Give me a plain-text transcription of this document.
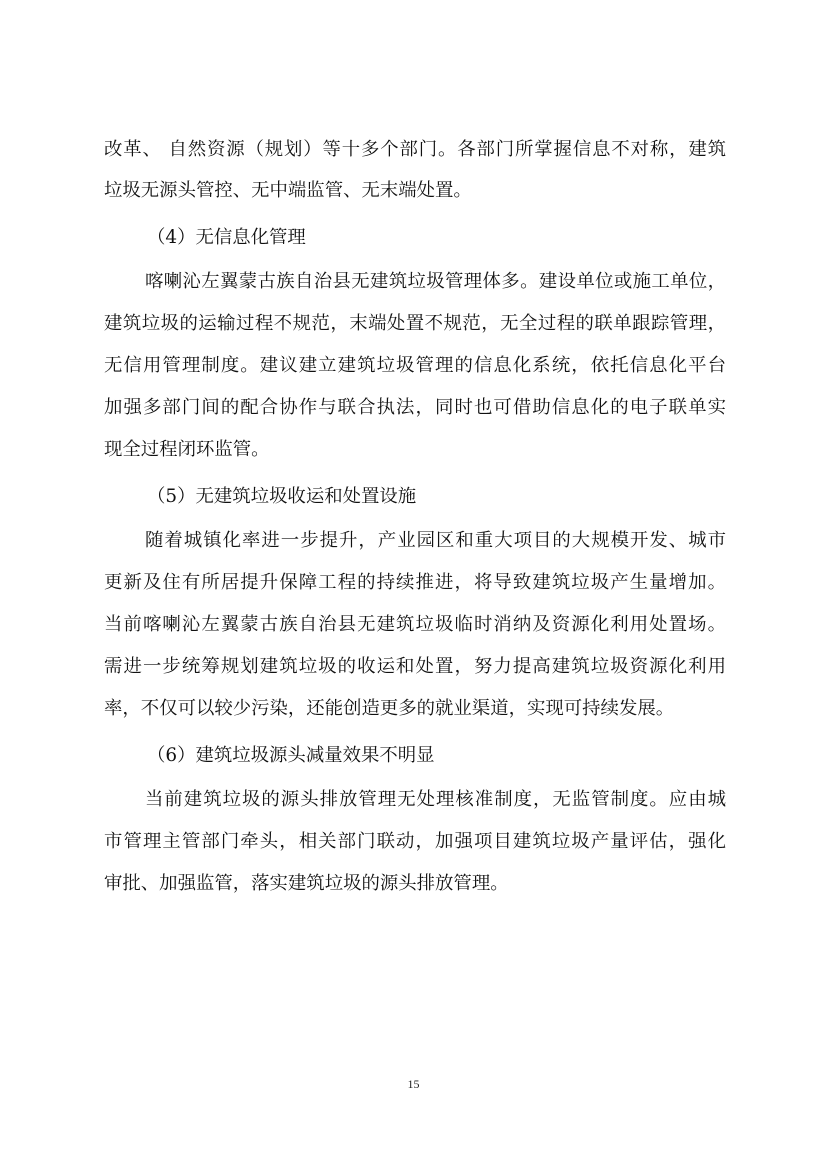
改革、 自然资源（规划）等十多个部门。各部门所掌握信息不对称，建筑
垃圾无源头管控、无中端监管、无末端处置。
（4）无信息化管理
喀喇沁左翼蒙古族自治县无建筑垃圾管理体多。建设单位或施工单位，
建筑垃圾的运输过程不规范，末端处置不规范，无全过程的联单跟踪管理，
无信用管理制度。建议建立建筑垃圾管理的信息化系统，依托信息化平台
加强多部门间的配合协作与联合执法，同时也可借助信息化的电子联单实
现全过程闭环监管。
（5）无建筑垃圾收运和处置设施
随着城镇化率进一步提升，产业园区和重大项目的大规模开发、城市
更新及住有所居提升保障工程的持续推进，将导致建筑垃圾产生量增加。
当前喀喇沁左翼蒙古族自治县无建筑垃圾临时消纳及资源化利用处置场。
需进一步统筹规划建筑垃圾的收运和处置，努力提高建筑垃圾资源化利用
率，不仅可以较少污染，还能创造更多的就业渠道，实现可持续发展。
（6）建筑垃圾源头减量效果不明显
当前建筑垃圾的源头排放管理无处理核准制度，无监管制度。应由城
市管理主管部门牵头，相关部门联动，加强项目建筑垃圾产量评估，强化
审批、加强监管，落实建筑垃圾的源头排放管理。
15
